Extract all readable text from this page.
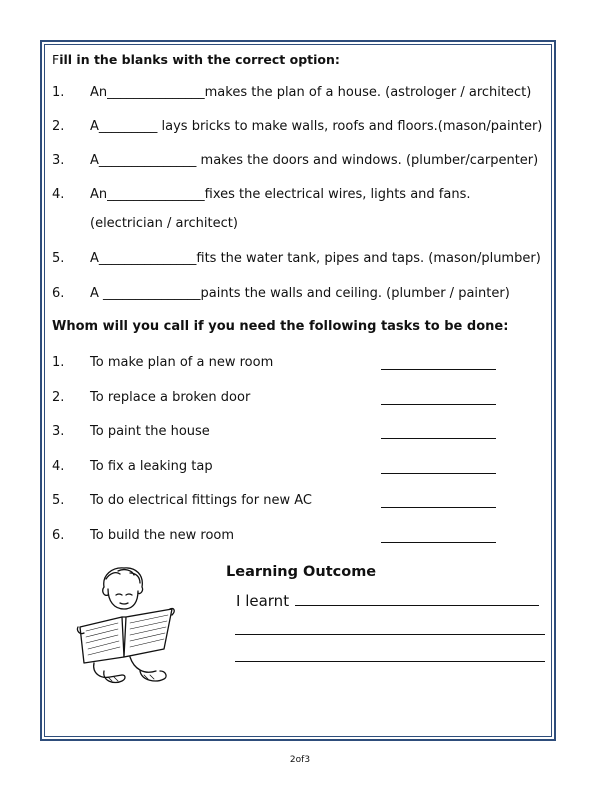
Fill in the blanks with the correct option:
1. An_______________makes the plan of a house. (astrologer / architect)
2. A_________ lays bricks to make walls, roofs and floors.(mason/painter)
3. A_______________ makes the doors and windows. (plumber/carpenter)
4. An_______________fixes the electrical wires, lights and fans.
(electrician / architect)
5. A_______________fits the water tank, pipes and taps. (mason/plumber)
6. A _______________paints the walls and ceiling. (plumber / painter)
Whom will you call if you need the following tasks to be done:
1. To make plan of a new room
2. To replace a broken door
3. To paint the house
4. To fix a leaking tap
5. To do electrical fittings for new AC
6. To build the new room
Learning Outcome
I learnt
2of3
